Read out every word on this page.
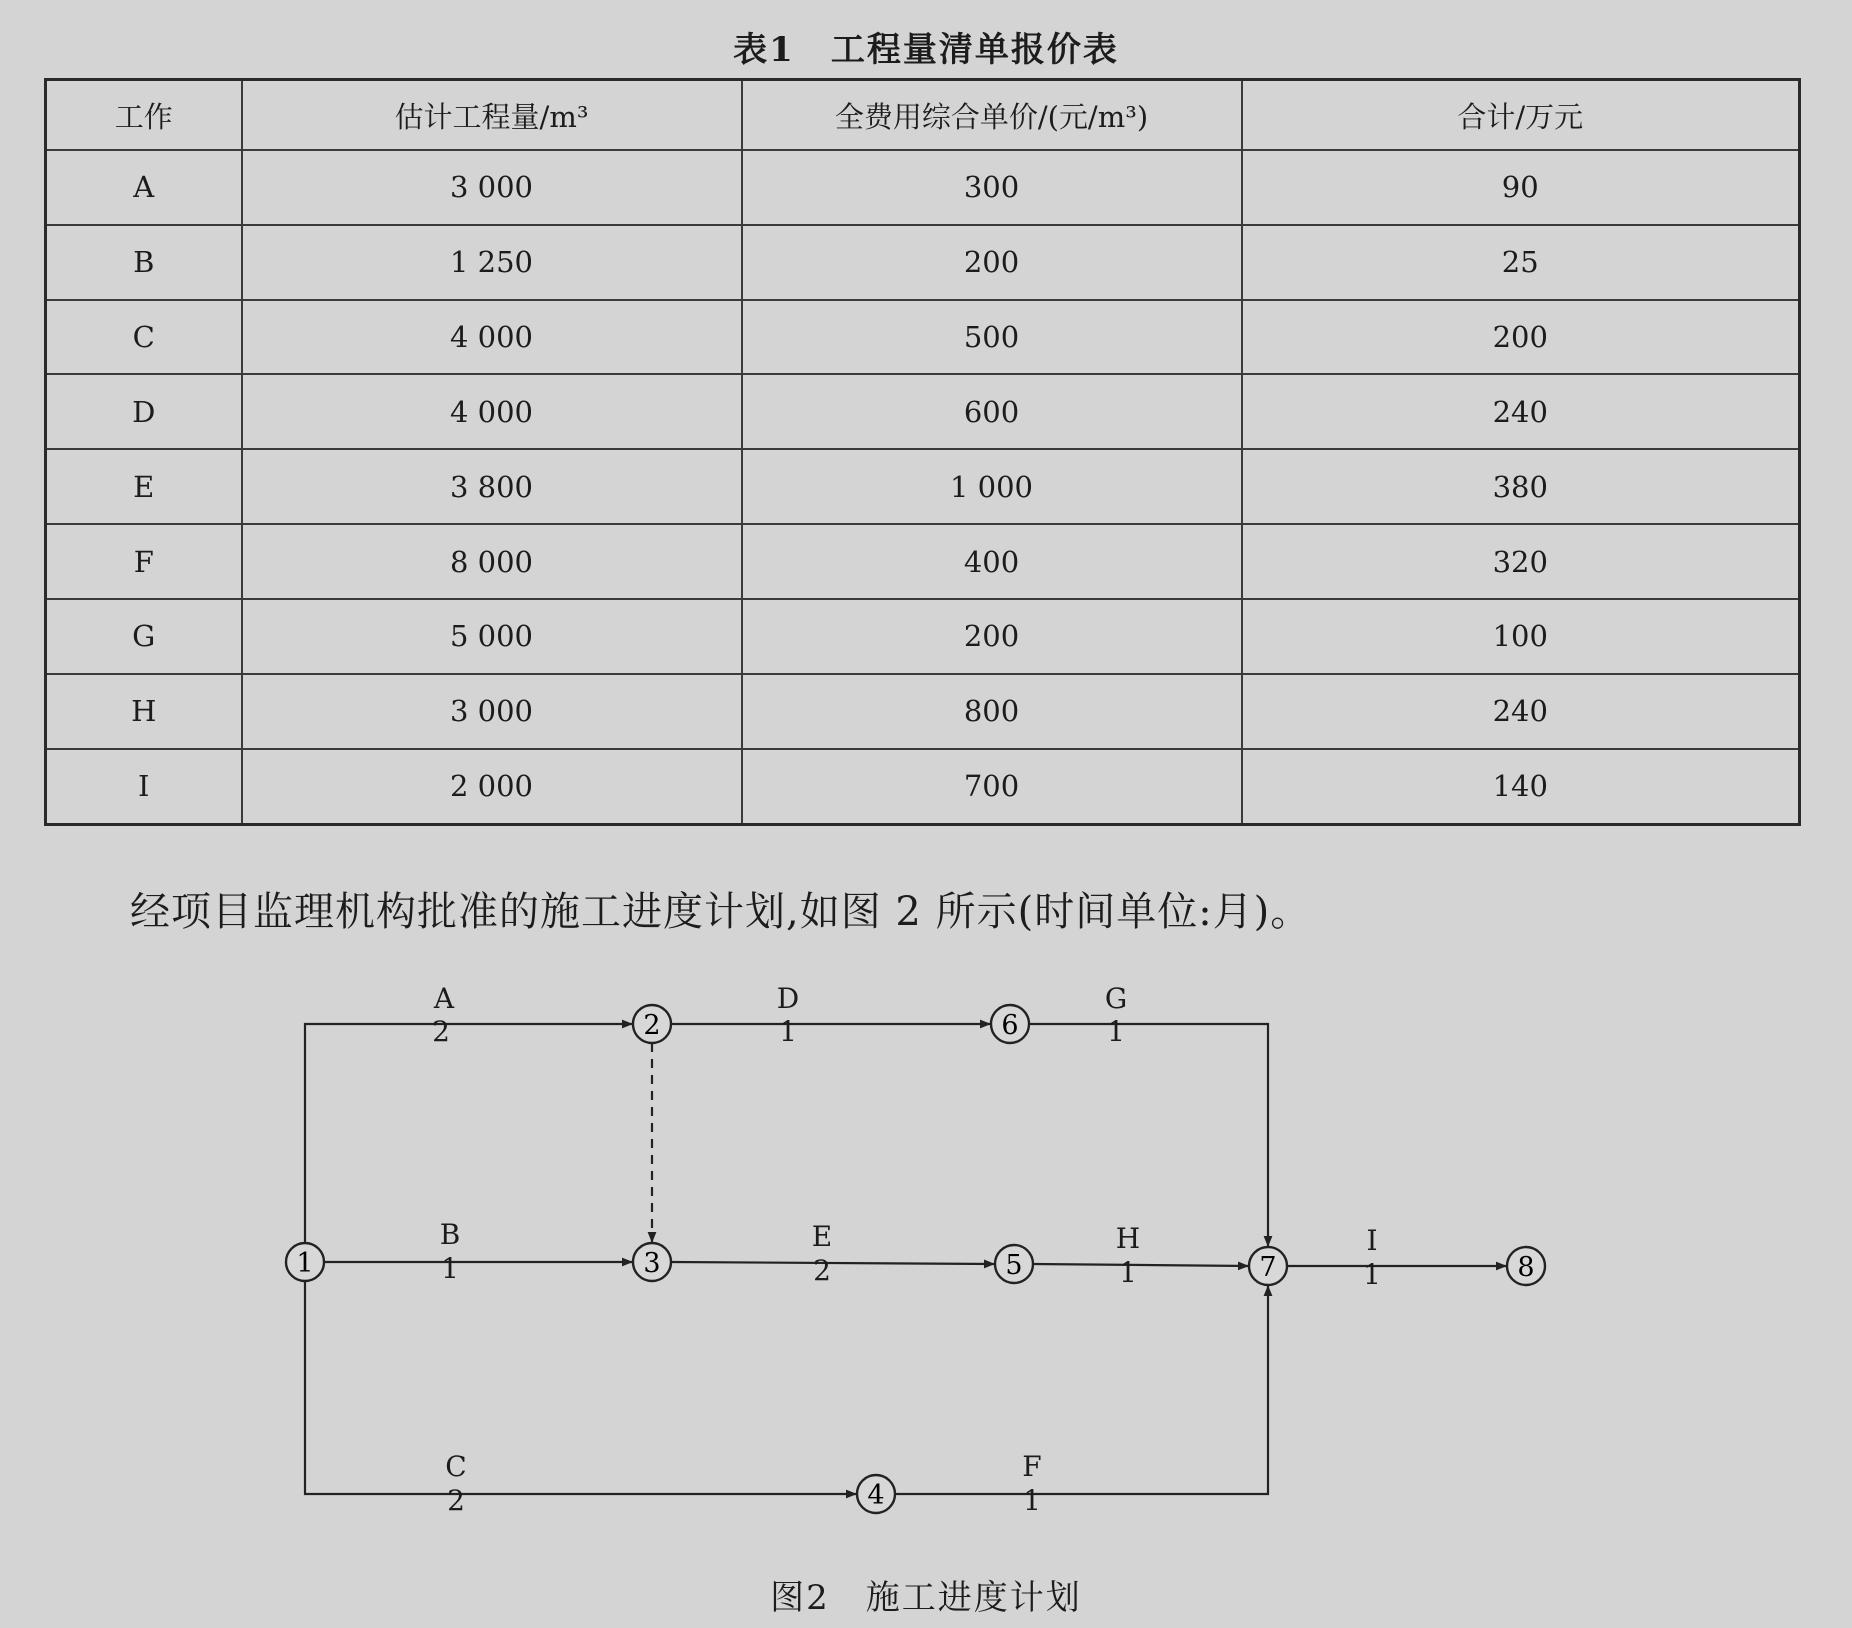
表1　工程量清单报价表
工作	估计工程量/m³	全费用综合单价/(元/m³)	合计/万元
A	3 000	300	90
B	1 250	200	25
C	4 000	500	200
D	4 000	600	240
E	3 800	1 000	380
F	8 000	400	320
G	5 000	200	100
H	3 000	800	240
I	2 000	700	140
经项目监理机构批准的施工进度计划,如图 2 所示(时间单位:月)。
1
2
3
4
5
6
7	8
A
2
B
1
C
2
D
1
E
2
F
1
G
1
H
1
I
1
图2　施工进度计划
